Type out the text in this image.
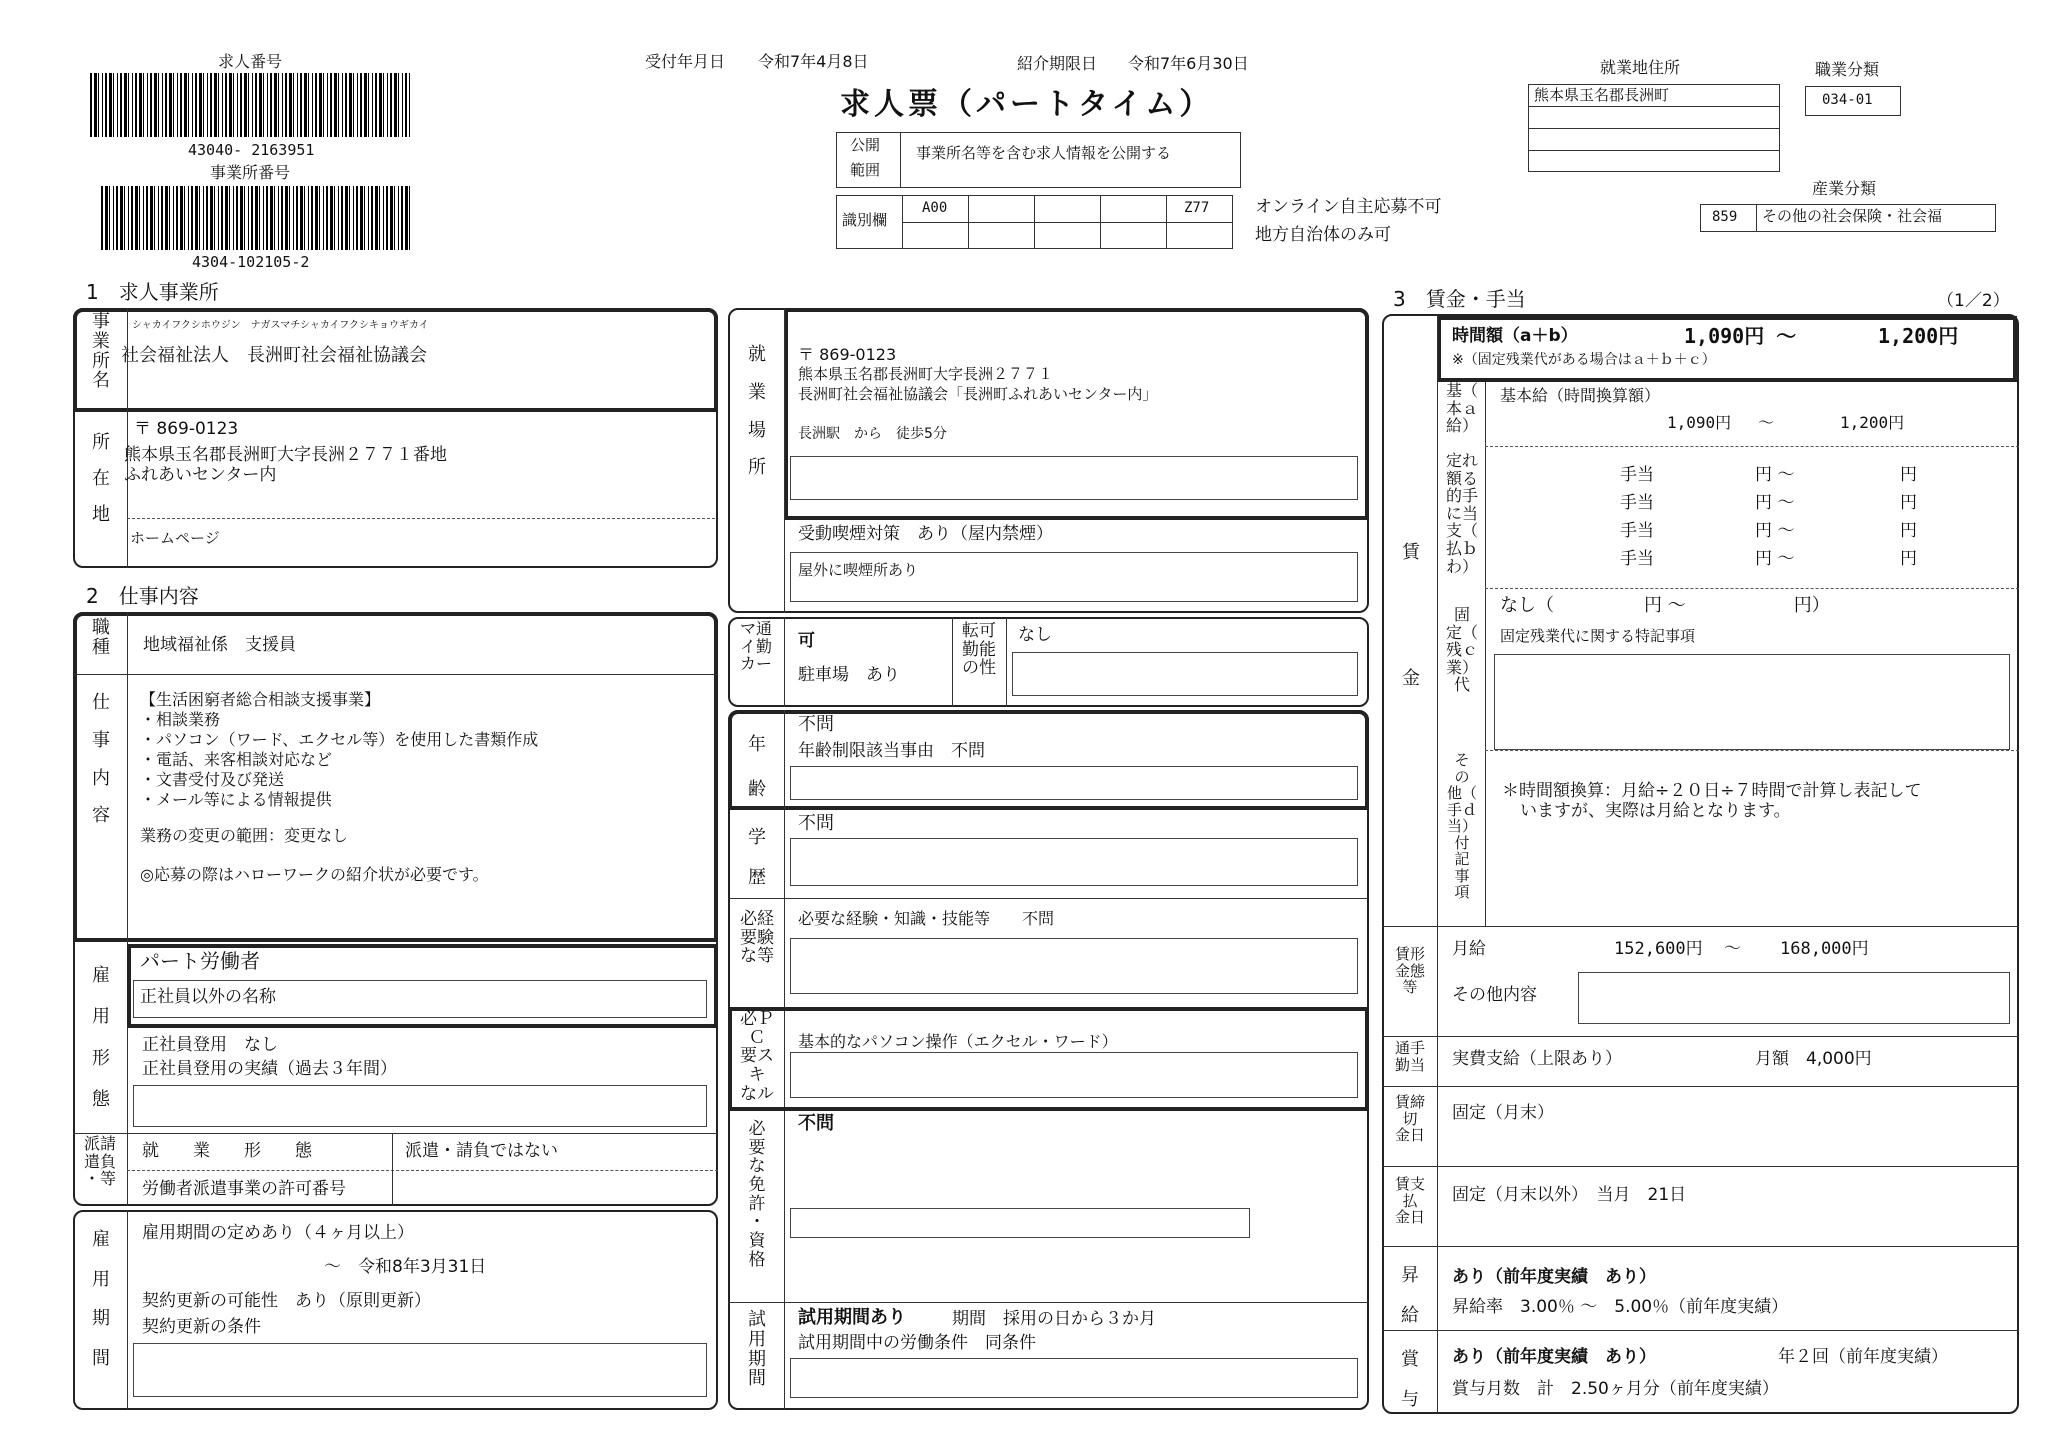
求人番号
43040- 2163951
事業所番号
4304-102105-2
受付年月日 令和7年4月8日	紹介期限日 令和7年6月30日
求人票（パートタイム）
公開
範囲
事業所名等を含む求人情報を公開する
識別欄
A00	Z77	オンライン自主応募不可
地方自治体のみ可
就業地住所
熊本県玉名郡長洲町
職業分類
034-01
産業分類
859 その他の社会保険・社会福
1　求人事業所
事
業
所
名
シャカイフクシホウジン　ナガスマチシャカイフクシキョウギカイ
社会福祉法人　長洲町社会福祉協議会
所
在
地
〒 869-0123
熊本県玉名郡長洲町大字長洲２７７１番地
ふれあいセンター内
ホームページ
2　仕事内容
職
種	地域福祉係　支援員
仕
事
内
容
【生活困窮者総合相談支援事業】
・相談業務
・パソコン（ワード、エクセル等）を使用した書類作成
・電話、来客相談対応など
・文書受付及び発送
・メール等による情報提供
業務の変更の範囲：変更なし
◎応募の際はハローワークの紹介状が必要です。
雇
用
形
態
パート労働者
正社員以外の名称
正社員登用　なし
正社員登用の実績（過去３年間）
派請
遣負
・等
就　　業　　形　　態	派遣・請負ではない
労働者派遣事業の許可番号
雇
用
期
間
雇用期間の定めあり（４ヶ月以上）
〜　令和8年3月31日
契約更新の可能性　あり（原則更新）
契約更新の条件
就
業
場
所
〒 869-0123
熊本県玉名郡長洲町大字長洲２７７１
長洲町社会福祉協議会「長洲町ふれあいセンター内」
長洲駅　から　徒歩5分
受動喫煙対策　あり（屋内禁煙）
屋外に喫煙所あり
マ通
イ勤
カー
可
駐車場　あり
転可
勤能
の性
なし
年
齢
不問
年齢制限該当事由　不問
学
歴
不問
必経
要験
な等
必要な経験・知識・技能等　　不問
必Ｐ
Ｃ
要ス
キ
なル
基本的なパソコン操作（エクセル・ワード）
必
要
な
免
許
・
資
格
不問
試
用
期
間
試用期間あり	期間　採用の日から３か月
試用期間中の労働条件　同条件
3　賃金・手当	（1／2）
賃
金
時間額（a＋b）	1,090円 〜	1,200円
※（固定残業代がある場合はａ＋ｂ＋ｃ）
基（
本ａ
給）
基本給（時間換算額）
1,090円 〜	1,200円
定れ
額る
的手
に当
支（
払ｂ
わ）
手当	円 〜	円
手当	円 〜	円
手当	円 〜	円
手当	円 〜	円
固
定（
残ｃ
業）
代
なし（　　　　　円 〜　　　　　　円）
固定残業代に関する特記事項
そ
の
他（
手ｄ
当）
付
記
事
項
＊時間額換算：月給÷２０日÷７時間で計算し表記して
いますが、実際は月給となります。
賃形
金態
等
月給	152,600円 〜 168,000円
その他内容
通手
勤当	実費支給（上限あり）	月額　4,000円
賃締
切
金日
固定（月末）
賃支
払
金日
固定（月末以外）　当月　21日
昇
給
あり（前年度実績　あり）
昇給率　3.00％ 〜　5.00％（前年度実績）
賞
与
あり（前年度実績　あり）	年２回（前年度実績）
賞与月数　計　2.50ヶ月分（前年度実績）
